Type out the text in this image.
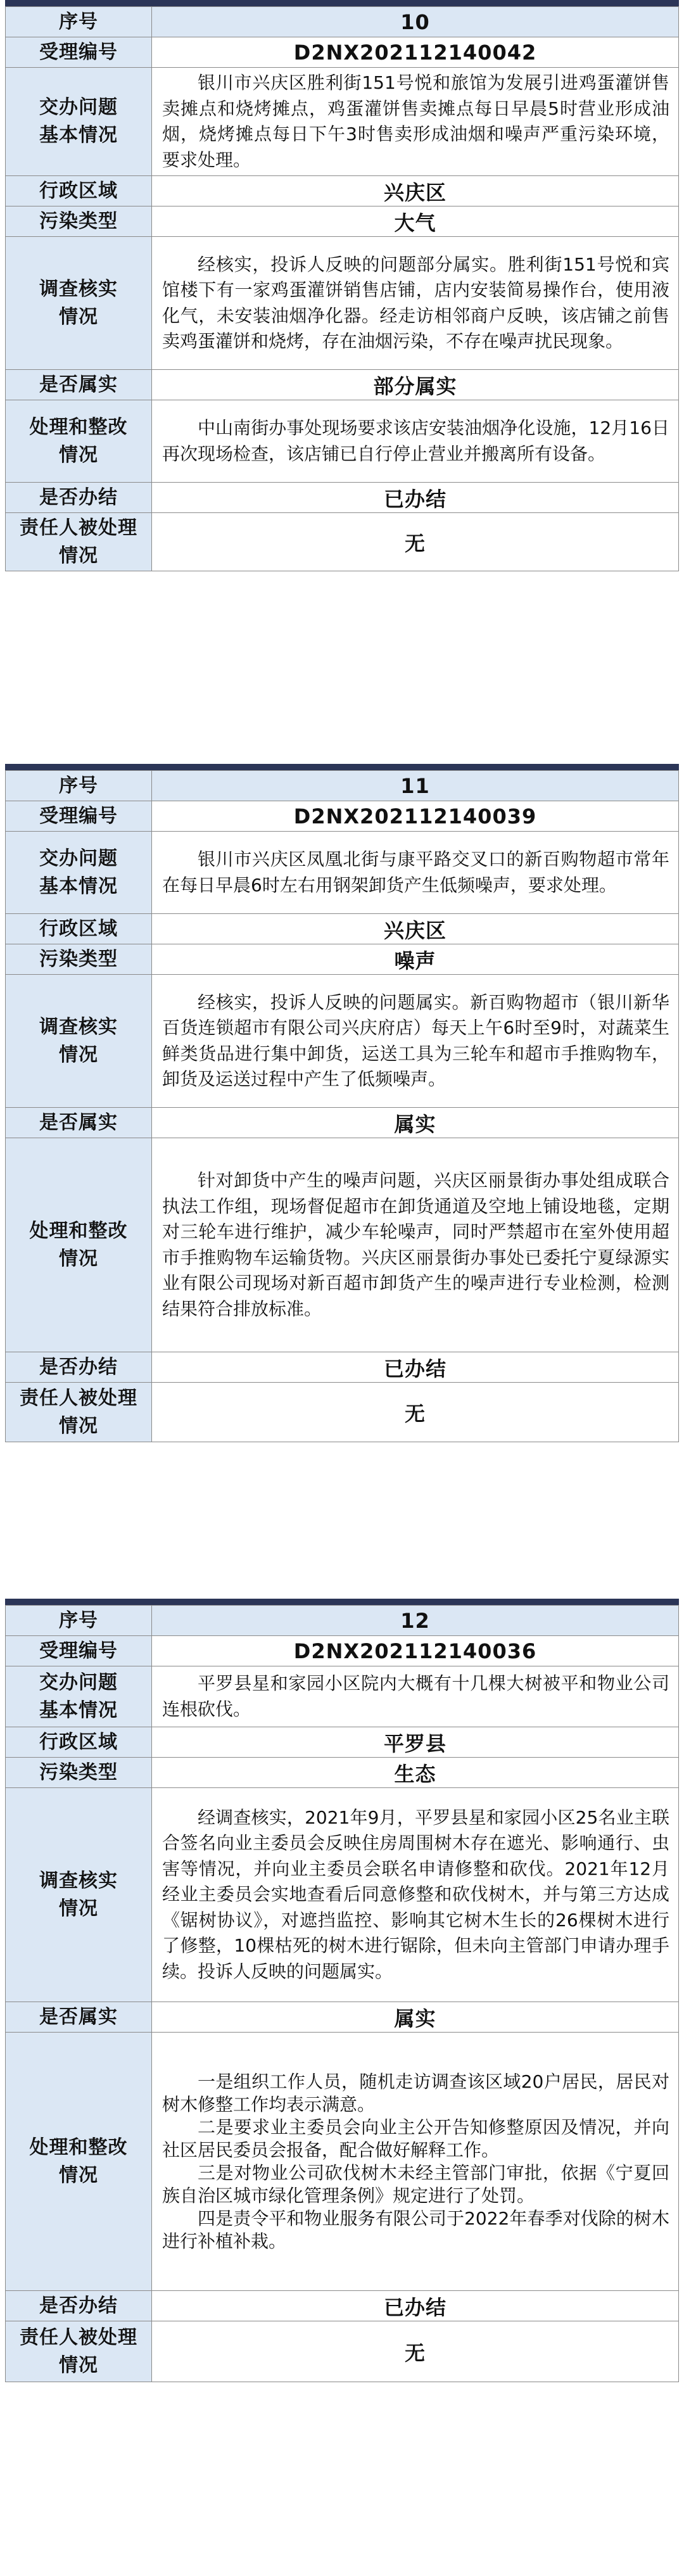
序号	10
受理编号	D2NX202112140042
交办问题基本情况	银川市兴庆区胜利街151号悦和旅馆为发展引进鸡蛋灌饼售卖摊点和烧烤摊点，鸡蛋灌饼售卖摊点每日早晨5时营业形成油烟，烧烤摊点每日下午3时售卖形成油烟和噪声严重污染环境，要求处理。

行政区域	兴庆区
污染类型	大气
调查核实情况	经核实，投诉人反映的问题部分属实。胜利街151号悦和宾馆楼下有一家鸡蛋灌饼销售店铺，店内安装简易操作台，使用液化气，未安装油烟净化器。经走访相邻商户反映，该店铺之前售卖鸡蛋灌饼和烧烤，存在油烟污染，不存在噪声扰民现象。

是否属实	部分属实
处理和整改情况	中山南街办事处现场要求该店安装油烟净化设施，12月16日再次现场检查，该店铺已自行停止营业并搬离所有设备。

是否办结	已办结
责任人被处理情况	无
序号	11
受理编号	D2NX202112140039
交办问题基本情况	银川市兴庆区凤凰北街与康平路交叉口的新百购物超市常年在每日早晨6时左右用钢架卸货产生低频噪声，要求处理。

行政区域	兴庆区
污染类型	噪声
调查核实情况	经核实，投诉人反映的问题属实。新百购物超市（银川新华百货连锁超市有限公司兴庆府店）每天上午6时至9时，对蔬菜生鲜类货品进行集中卸货，运送工具为三轮车和超市手推购物车，卸货及运送过程中产生了低频噪声。

是否属实	属实
处理和整改情况	针对卸货中产生的噪声问题，兴庆区丽景街办事处组成联合执法工作组，现场督促超市在卸货通道及空地上铺设地毯，定期对三轮车进行维护，减少车轮噪声，同时严禁超市在室外使用超市手推购物车运输货物。兴庆区丽景街办事处已委托宁夏绿源实业有限公司现场对新百超市卸货产生的噪声进行专业检测，检测结果符合排放标准。

是否办结	已办结
责任人被处理情况	无
序号	12
受理编号	D2NX202112140036
交办问题基本情况	平罗县星和家园小区院内大概有十几棵大树被平和物业公司连根砍伐。

行政区域	平罗县
污染类型	生态
调查核实情况	经调查核实，2021年9月，平罗县星和家园小区25名业主联合签名向业主委员会反映住房周围树木存在遮光、影响通行、虫害等情况，并向业主委员会联名申请修整和砍伐。2021年12月经业主委员会实地查看后同意修整和砍伐树木，并与第三方达成《锯树协议》，对遮挡监控、影响其它树木生长的26棵树木进行了修整，10棵枯死的树木进行锯除，但未向主管部门申请办理手续。投诉人反映的问题属实。

是否属实	属实
处理和整改情况	一是组织工作人员，随机走访调查该区域20户居民，居民对树木修整工作均表示满意。

二是要求业主委员会向业主公开告知修整原因及情况，并向社区居民委员会报备，配合做好解释工作。

三是对物业公司砍伐树木未经主管部门审批，依据《宁夏回族自治区城市绿化管理条例》规定进行了处罚。

四是责令平和物业服务有限公司于2022年春季对伐除的树木进行补植补栽。

是否办结	已办结
责任人被处理情况	无
